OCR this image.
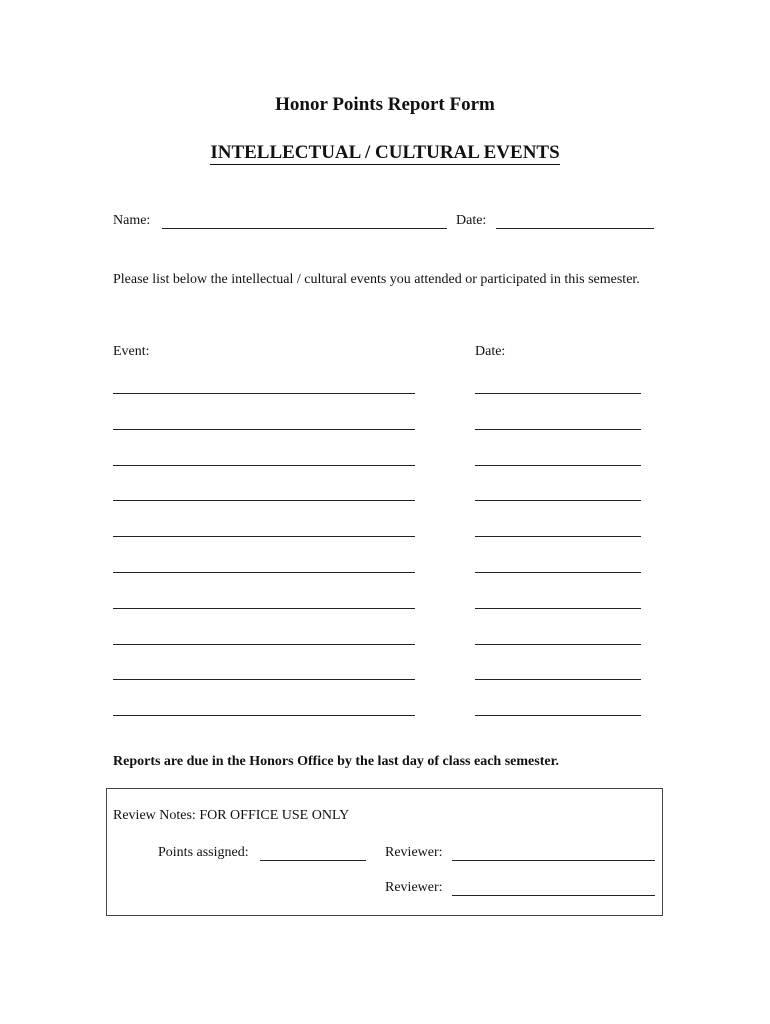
Honor Points Report Form
INTELLECTUAL / CULTURAL EVENTS
Name:	Date:
Please list below the intellectual / cultural events you attended or participated in this semester.
Event:	Date:
Reports are due in the Honors Office by the last day of class each semester.
Review Notes: FOR OFFICE USE ONLY
Points assigned:	Reviewer:
Reviewer:
